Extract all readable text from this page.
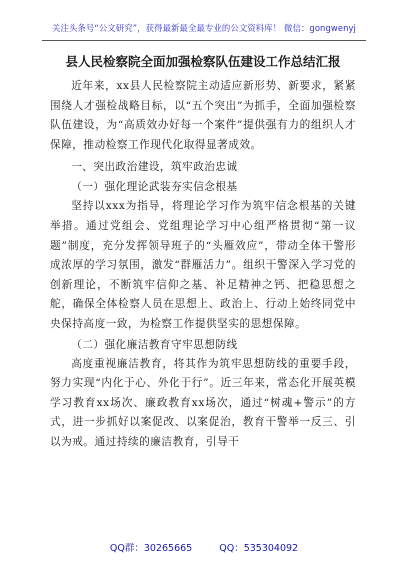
关注头条号“公文研究”，获得最新最全最专业的公文资料库！ 微信：gongwenyj
县人民检察院全面加强检察队伍建设工作总结汇报

近年来，xx县人民检察院主动适应新形势、新要求，紧紧围绕人才强检战略目标，以“五个突出”为抓手，全面加强检察队伍建设，为“高质效办好每一个案件”提供强有力的组织人才保障，推动检察工作现代化取得显著成效。

一、突出政治建设，筑牢政治忠诚
（一）强化理论武装夯实信念根基

坚持以xxx为指导，将理论学习作为筑牢信念根基的关键举措。通过党组会、党组理论学习中心组严格贯彻“第一议题”制度，充分发挥领导班子的“头雁效应”，带动全体干警形成浓厚的学习氛围，激发“群雁活力”。组织干警深入学习党的创新理论，不断筑牢信仰之基、补足精神之钙、把稳思想之舵，确保全体检察人员在思想上、政治上、行动上始终同党中央保持高度一致，为检察工作提供坚实的思想保障。

（二）强化廉洁教育守牢思想防线

高度重视廉洁教育，将其作为筑牢思想防线的重要手段，努力实现“内化于心、外化于行”。近三年来，常态化开展英模学习教育xx场次、廉政教育xx场次，通过“树魂+警示”的方式，进一步抓好以案促改、以案促治，教育干警举一反三、引以为戒。通过持续的廉洁教育，引导干

QQ群：30265665	QQ：535304092
